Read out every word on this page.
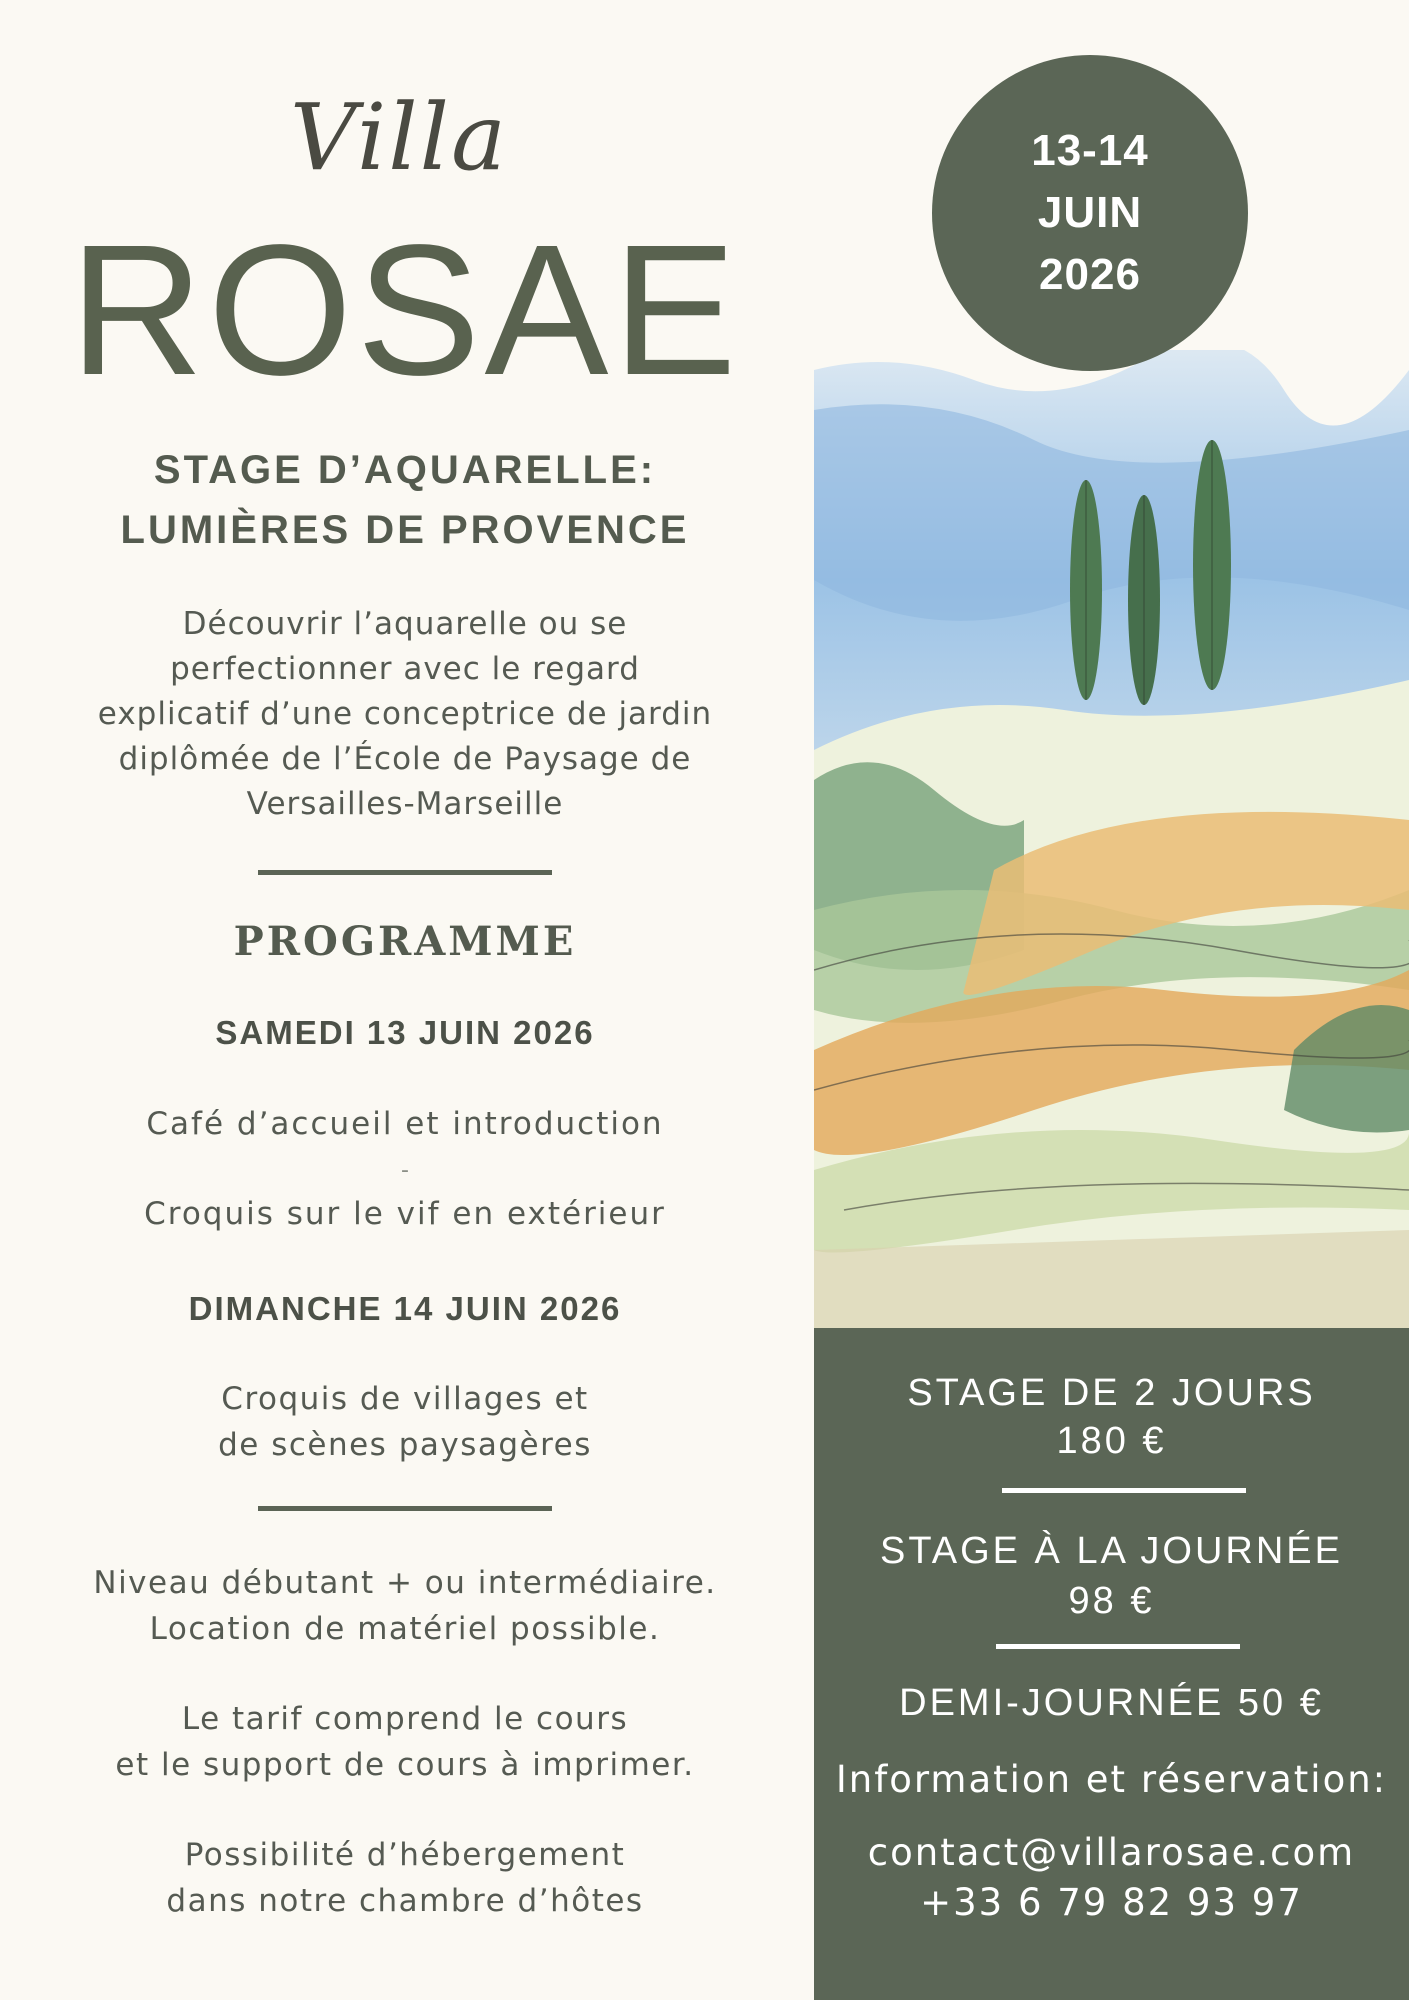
Villa
ROSAE
STAGE D’AQUARELLE:
LUMIÈRES DE PROVENCE
Découvrir l’aquarelle ou se
perfectionner avec le regard
explicatif d’une conceptrice de jardin
diplômée de l’École de Paysage de
Versailles-Marseille
PROGRAMME
SAMEDI 13 JUIN 2026
Café d’accueil et introduction
-
Croquis sur le vif en extérieur
DIMANCHE 14 JUIN 2026
Croquis de villages et
de scènes paysagères
Niveau débutant + ou intermédiaire.
Location de matériel possible.
Le tarif comprend le cours
et le support de cours à imprimer.
Possibilité d’hébergement
dans notre chambre d’hôtes
13-14
JUIN
2026
STAGE DE 2 JOURS
180 €
STAGE À LA JOURNÉE
98 €
DEMI-JOURNÉE 50 €
Information et réservation:
contact@villarosae.com
+33 6 79 82 93 97
